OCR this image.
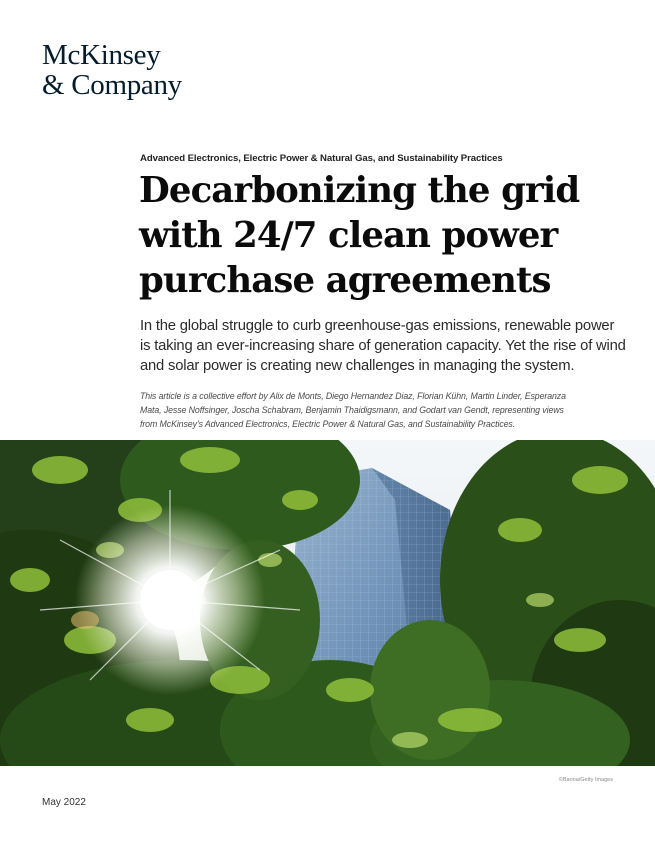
McKinsey
& Company
Advanced Electronics, Electric Power & Natural Gas, and Sustainability Practices
Decarbonizing the grid
with 24/7 clean power
purchase agreements
In the global struggle to curb greenhouse-gas emissions, renewable power
is taking an ever-increasing share of generation capacity. Yet the rise of wind
and solar power is creating new challenges in managing the system.
This article is a collective effort by Alix de Monts, Diego Hernandez Diaz, Florian Kühn, Martin Linder, Esperanza
Mata, Jesse Noffsinger, Joscha Schabram, Benjamin Thaidigsmann, and Godart van Gendt, representing views
from McKinsey’s Advanced Electronics, Electric Power & Natural Gas, and Sustainability Practices.
©Baona/Getty Images
May 2022
